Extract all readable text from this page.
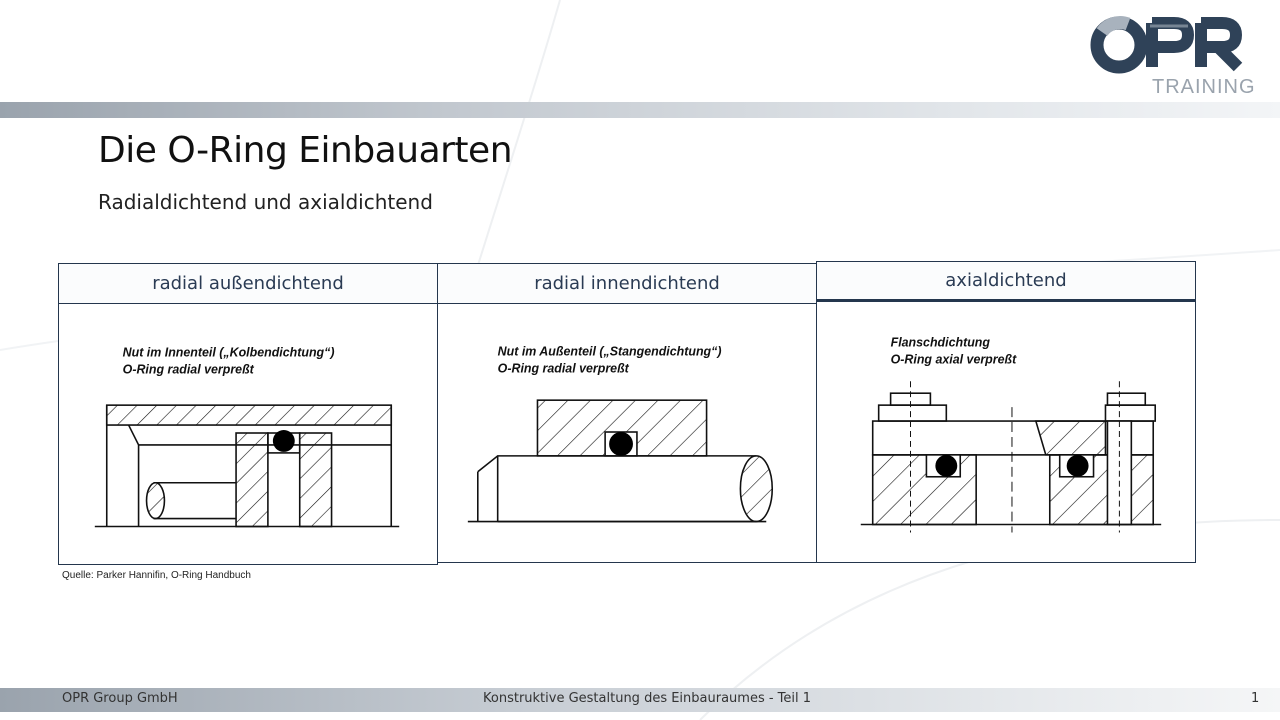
TRAINING
Die O-Ring Einbauarten
Radialdichtend und axialdichtend
radial außendichtend
Nut im Innenteil („Kolbendichtung“)
O-Ring radial verpreßt
radial innendichtend
Nut im Außenteil („Stangendichtung“)
O-Ring radial verpreßt
axialdichtend
Flanschdichtung
O-Ring axial verpreßt
Quelle: Parker Hannifin, O-Ring Handbuch
OPR Group GmbH	Konstruktive Gestaltung des Einbauraumes - Teil 1	1
